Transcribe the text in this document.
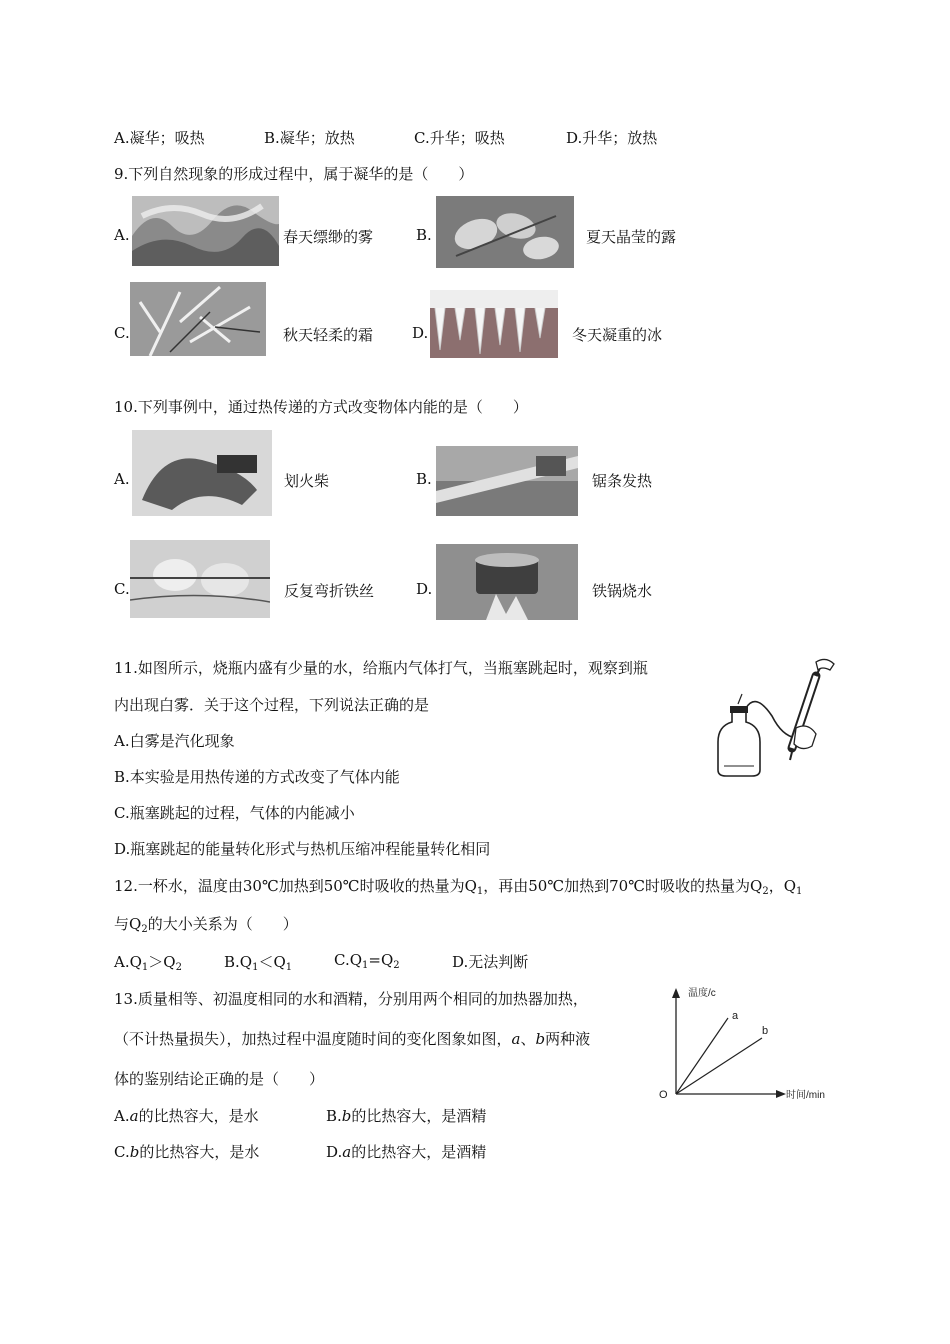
A.凝华；吸热	B.凝华；放热	C.升华；吸热	D.升华；放热
9.下列自然现象的形成过程中，属于凝华的是（　　）
A.	春天缥缈的雾	B.	夏天晶莹的露
C.	秋天轻柔的霜	D.	冬天凝重的冰
10.下列事例中，通过热传递的方式改变物体内能的是（　　）
A.	划火柴	B.	锯条发热
C.	反复弯折铁丝	D.	铁锅烧水
11.如图所示，烧瓶内盛有少量的水，给瓶内气体打气，当瓶塞跳起时，观察到瓶
内出现白雾．关于这个过程，下列说法正确的是
A.白雾是汽化现象
B.本实验是用热传递的方式改变了气体内能
C.瓶塞跳起的过程，气体的内能减小
D.瓶塞跳起的能量转化形式与热机压缩冲程能量转化相同
12.一杯水，温度由30℃加热到50℃时吸收的热量为$Q_1$，再由50℃加热到70℃时吸收的热量为$Q_2$，$Q_1$
与$Q_2$的大小关系为（　　）
$A.Q_1>Q_2$	$B.Q_1<Q_1$	$C.Q_1=Q_2$	D.无法判断
13.质量相等、初温度相同的水和酒精，分别用两个相同的加热器加热，
（不计热量损失），加热过程中温度随时间的变化图象如图，a、b两种液
体的鉴别结论正确的是（　　）
A.a的比热容大，是水	B.b的比热容大，是酒精
C.b的比热容大，是水	D.a的比热容大，是酒精
温度/c
时间/min
O
a
b
